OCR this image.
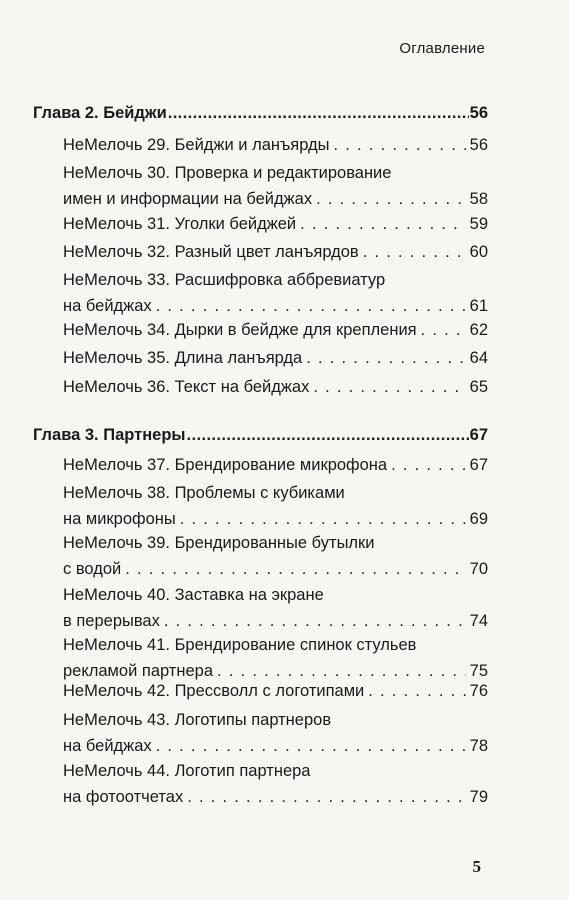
Оглавление
Глава 2. Бейджи .....	56
НеМелочь 29. Бейджи и ланъярды . . .	56
НеМелочь 30. Проверка и редактирование
имен и информации на бейджах . . .	58
НеМелочь 31. Уголки бейджей . . .	59
НеМелочь 32. Разный цвет ланъярдов . . .	60
НеМелочь 33. Расшифровка аббревиатур
на бейджах . . .	61
НеМелочь 34. Дырки в бейдже для крепления . . .	62
НеМелочь 35. Длина ланъярда . . .	64
НеМелочь 36. Текст на бейджах . . .	65
Глава 3. Партнеры .....	67
НеМелочь 37. Брендирование микрофона . . .	67
НеМелочь 38. Проблемы с кубиками
на микрофоны . . .	69
НеМелочь 39. Брендированные бутылки
с водой . . .	70
НеМелочь 40. Заставка на экране
в перерывах . . .	74
НеМелочь 41. Брендирование спинок стульев
рекламой партнера . . .	75
НеМелочь 42. Прессволл с логотипами . . .	76
НеМелочь 43. Логотипы партнеров
на бейджах . . .	78
НеМелочь 44. Логотип партнера
на фотоотчетах . . .	79
5
